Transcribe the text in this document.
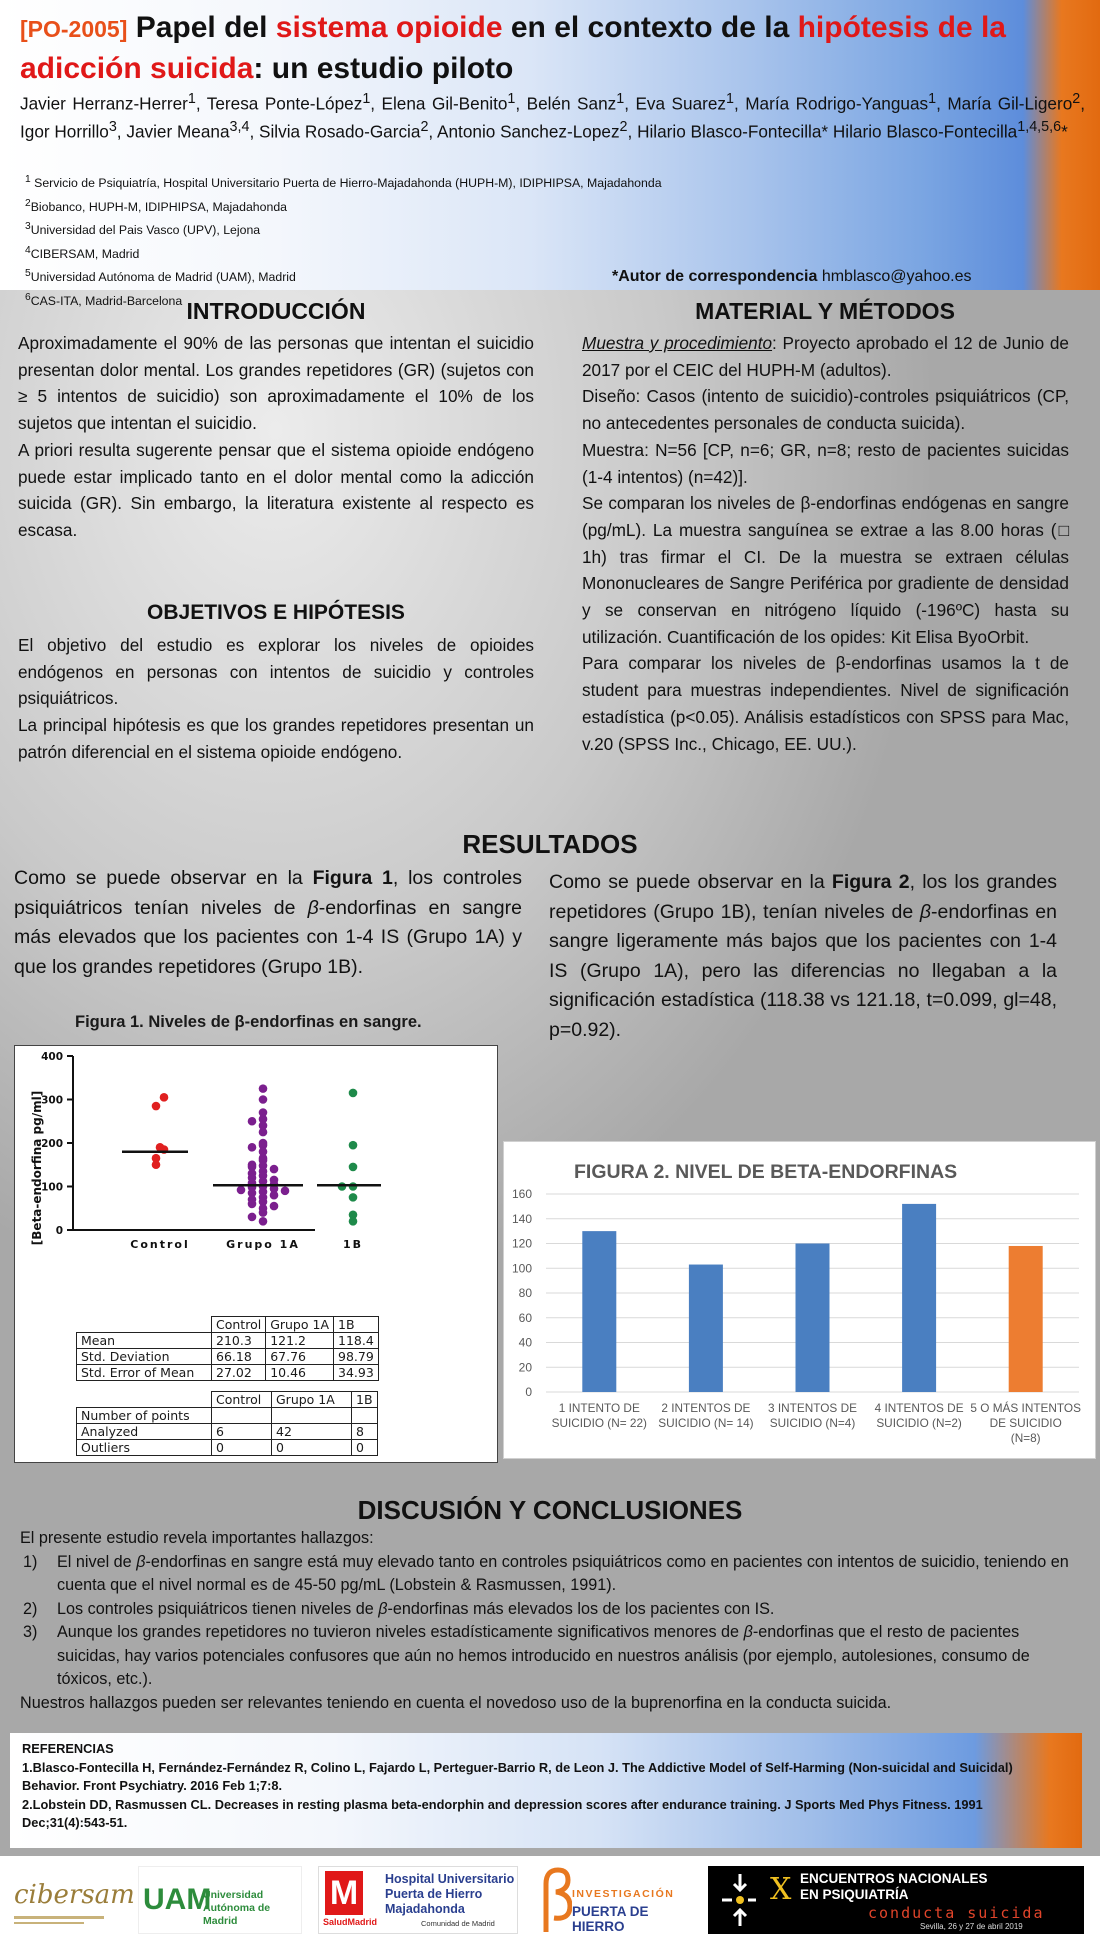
[PO-2005] Papel del sistema opioide en el contexto de la hipótesis de la adicción suicida: un estudio piloto
Javier Herranz-Herrer$^1$, Teresa Ponte-López$^1$, Elena Gil-Benito$^1$, Belén Sanz$^1$, Eva Suarez$^1$, María Rodrigo-Yanguas$^1$, María Gil-Ligero$^2$, Igor Horrillo$^3$, Javier Meana$^{3,4}$, Silvia Rosado-Garcia$^2$, Antonio Sanchez-Lopez$^2$, Hilario Blasco-Fontecilla* Hilario Blasco-Fontecilla$^{1,4,5,6}$*
$^1$ Servicio de Psiquiatría, Hospital Universitario Puerta de Hierro-Majadahonda (HUPH-M), IDIPHIPSA, Majadahonda
$^2$Biobanco, HUPH-M, IDIPHIPSA, Majadahonda
$^3$Universidad del Pais Vasco (UPV), Lejona
$^4$CIBERSAM, Madrid
$^5$Universidad Autónoma de Madrid (UAM), Madrid
$^6$CAS-ITA, Madrid-Barcelona
*Autor de correspondencia hmblasco@yahoo.es
INTRODUCCIÓN

Aproximadamente el 90% de las personas que intentan el suicidio presentan dolor mental. Los grandes repetidores (GR) (sujetos con ≥ 5 intentos de suicidio) son aproximadamente el 10% de los sujetos que intentan el suicidio.

A priori resulta sugerente pensar que el sistema opioide endógeno puede estar implicado tanto en el dolor mental como la adicción suicida (GR). Sin embargo, la literatura existente al respecto es escasa.

OBJETIVOS E HIPÓTESIS

El objetivo del estudio es explorar los niveles de opioides endógenos en personas con intentos de suicidio y controles psiquiátricos.

La principal hipótesis es que los grandes repetidores presentan un patrón diferencial en el sistema opioide endógeno.

MATERIAL Y MÉTODOS

Muestra y procedimiento: Proyecto aprobado el 12 de Junio de 2017 por el CEIC del HUPH-M (adultos).

Diseño: Casos (intento de suicidio)-controles psiquiátricos (CP, no antecedentes personales de conducta suicida).

Muestra: N=56 [CP, n=6; GR, n=8; resto de pacientes suicidas (1-4 intentos) (n=42)].

Se comparan los niveles de β-endorfinas endógenas en sangre (pg/mL). La muestra sanguínea se extrae a las 8.00 horas (□ 1h) tras firmar el CI. De la muestra se extraen células Mononucleares de Sangre Periférica por gradiente de densidad y se conservan en nitrógeno líquido (-196ºC) hasta su utilización. Cuantificación de los opides: Kit Elisa ByoOrbit.

Para comparar los niveles de β-endorfinas usamos la t de student para muestras independientes. Nivel de significación estadística (p<0.05). Análisis estadísticos con SPSS para Mac, v.20 (SPSS Inc., Chicago, EE. UU.).

RESULTADOS
Como se puede observar en la Figura 1, los controles psiquiátricos tenían niveles de β-endorfinas en sangre más elevados que los pacientes con 1-4 IS (Grupo 1A) y que los grandes repetidores (Grupo 1B).
Como se puede observar en la Figura 2, los los grandes repetidores (Grupo 1B), tenían niveles de β-endorfinas en sangre ligeramente más bajos que los pacientes con 1-4 IS (Grupo 1A), pero las diferencias no llegaban a la significación estadística (118.38 vs 121.18, t=0.099, gl=48, p=0.92).
Figura 1. Niveles de β-endorfinas en sangre.
[Beta-endorfina pg/ml] 0
100
200
300
400
Control	Grupo 1A	1B
	Control	Grupo 1A	1B
Mean	210.3	121.2	118.4
Std. Deviation	66.18	67.76	98.79
Std. Error of Mean	27.02	10.46	34.93
	Control	Grupo 1A	1B
Number of points			
Analyzed	6	42	8
Outliers	0	0	0
FIGURA 2. NIVEL DE BETA-ENDORFINAS
0
20
40
60
80
100
120
140
160
1 INTENTO DE
SUICIDIO (N= 22)
2 INTENTOS DE
SUICIDIO (N= 14)
3 INTENTOS DE
SUICIDIO (N=4)
4 INTENTOS DE
SUICIDIO (N=2)
5 O MÁS INTENTOS
DE SUICIDIO
(N=8)
DISCUSIÓN Y CONCLUSIONES
El presente estudio revela importantes hallazgos:
1) El nivel de β-endorfinas en sangre está muy elevado tanto en controles psiquiátricos como en pacientes con intentos de suicidio, teniendo en cuenta que el nivel normal es de 45-50 pg/mL (Lobstein & Rasmussen, 1991).
2) Los controles psiquiátricos tienen niveles de β-endorfinas más elevados los de los pacientes con IS.
3) Aunque los grandes repetidores no tuvieron niveles estadísticamente significativos menores de β-endorfinas que el resto de pacientes suicidas, hay varios potenciales confusores que aún no hemos introducido en nuestros análisis (por ejemplo, autolesiones, consumo de tóxicos, etc.).
Nuestros hallazgos pueden ser relevantes teniendo en cuenta el novedoso uso de la buprenorfina en la conducta suicida.
REFERENCIAS

1.Blasco-Fontecilla H, Fernández-Fernández R, Colino L, Fajardo L, Perteguer-Barrio R, de Leon J. The Addictive Model of Self-Harming (Non-suicidal and Suicidal) Behavior. Front Psychiatry. 2016 Feb 1;7:8.

2.Lobstein DD, Rasmussen CL. Decreases in resting plasma beta-endorphin and depression scores after endurance training. J Sports Med Phys Fitness. 1991 Dec;31(4):543-51.

cibersam UAM
Universidad Autónoma de Madrid
M
SaludMadrid
Hospital Universitario
Puerta de Hierro Majadahonda
Comunidad de Madrid
INVESTIGACIÓN
PUERTA DE HIERRO
X ENCUENTROS NACIONALES
EN PSIQUIATRÍA
conducta suicida
Sevilla, 26 y 27 de abril 2019
